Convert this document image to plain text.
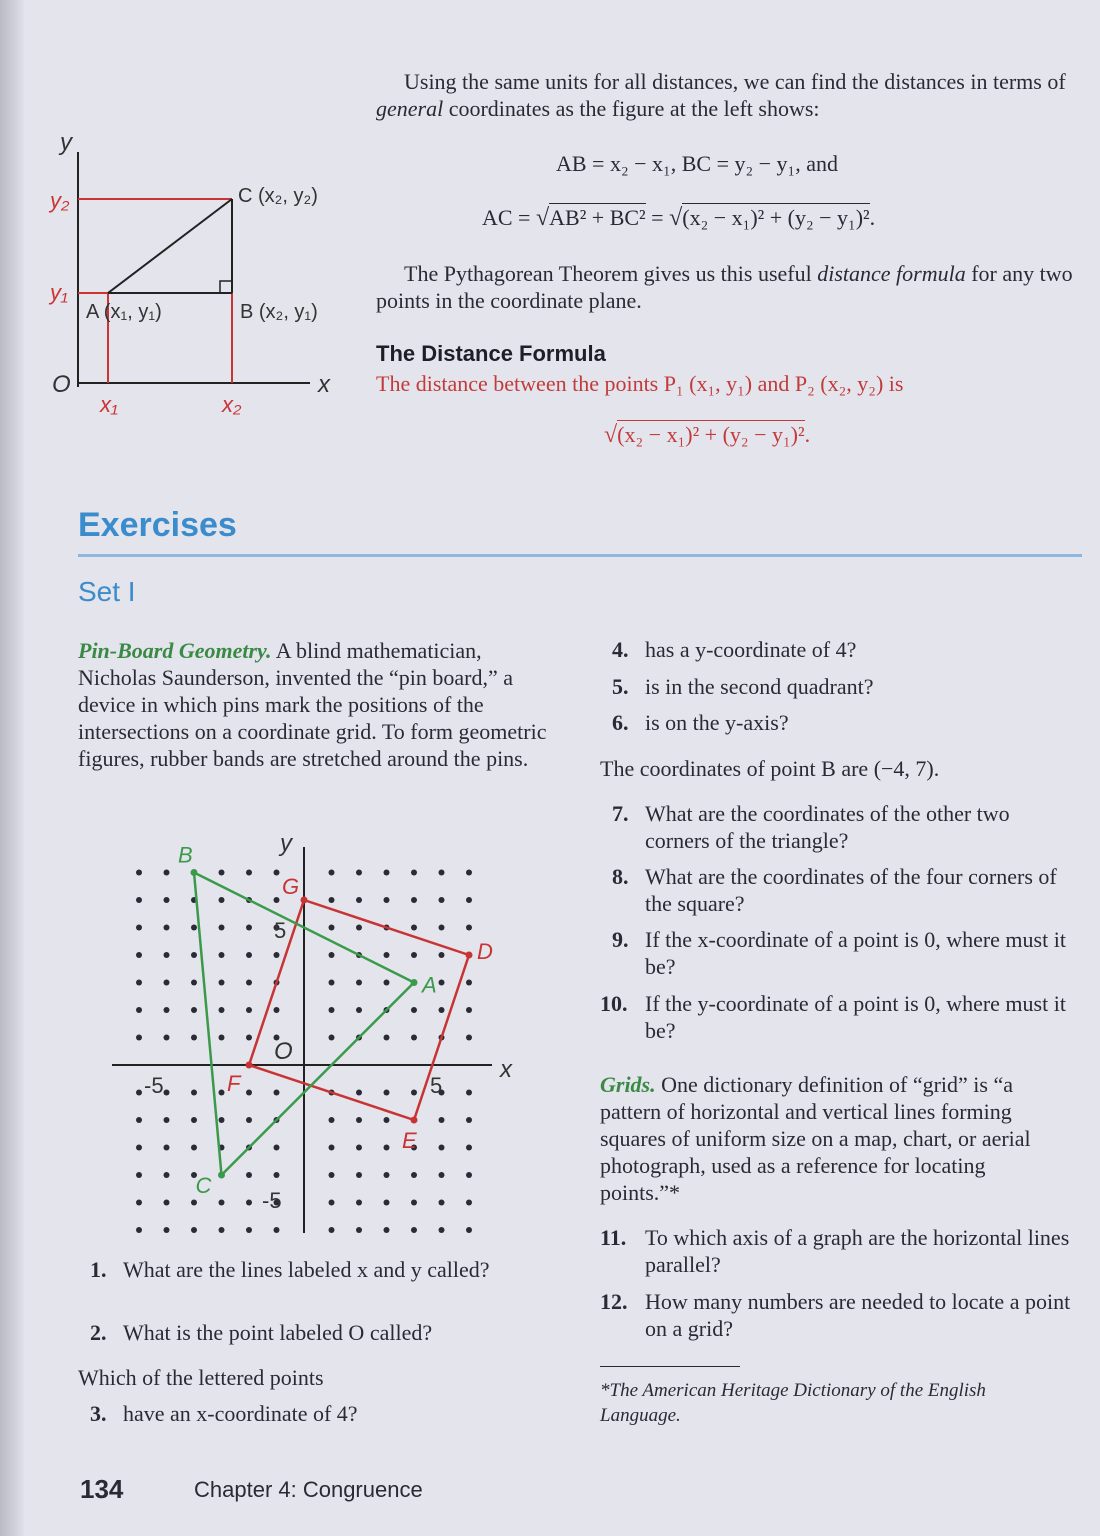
y
x
O
y₂
y₁
x₁	x₂
A (x₁, y₁)	B (x₂, y₁)
C (x₂, y₂)
Using the same units for all distances, we can find the distances in terms of general coordinates as the figure at the left shows:
AB = x₂ − x₁, BC = y₂ − y₁, and
AC = √AB² + BC² = √(x₂ − x₁)² + (y₂ − y₁)².
The Pythagorean Theorem gives us this useful distance formula for any two points in the coordinate plane.
The Distance Formula
The distance between the points P₁ (x₁, y₁) and P₂ (x₂, y₂) is
√(x₂ − x₁)² + (y₂ − y₁)².
Exercises
Set I
Pin-Board Geometry. A blind mathematician, Nicholas Saunderson, invented the “pin board,” a device in which pins mark the positions of the intersections on a coordinate grid. To form geometric figures, rubber bands are stretched around the pins.
B
C
A
G
D
E
F
y
x
O
5
-5
5
-5
1. What are the lines labeled x and y called?
2. What is the point labeled O called?
Which of the lettered points
3. have an x-coordinate of 4?
4. has a y-coordinate of 4?
5. is in the second quadrant?
6. is on the y-axis?
The coordinates of point B are (−4, 7).
7. What are the coordinates of the other two corners of the triangle?
8. What are the coordinates of the four corners of the square?
9. If the x-coordinate of a point is 0, where must it be?
10. If the y-coordinate of a point is 0, where must it be?
Grids. One dictionary definition of “grid” is “a pattern of horizontal and vertical lines forming squares of uniform size on a map, chart, or aerial photograph, used as a reference for locating points.”*
11. To which axis of a graph are the horizontal lines parallel?
12. How many numbers are needed to locate a point on a grid?
*The American Heritage Dictionary of the English Language.
134	Chapter 4: Congruence
